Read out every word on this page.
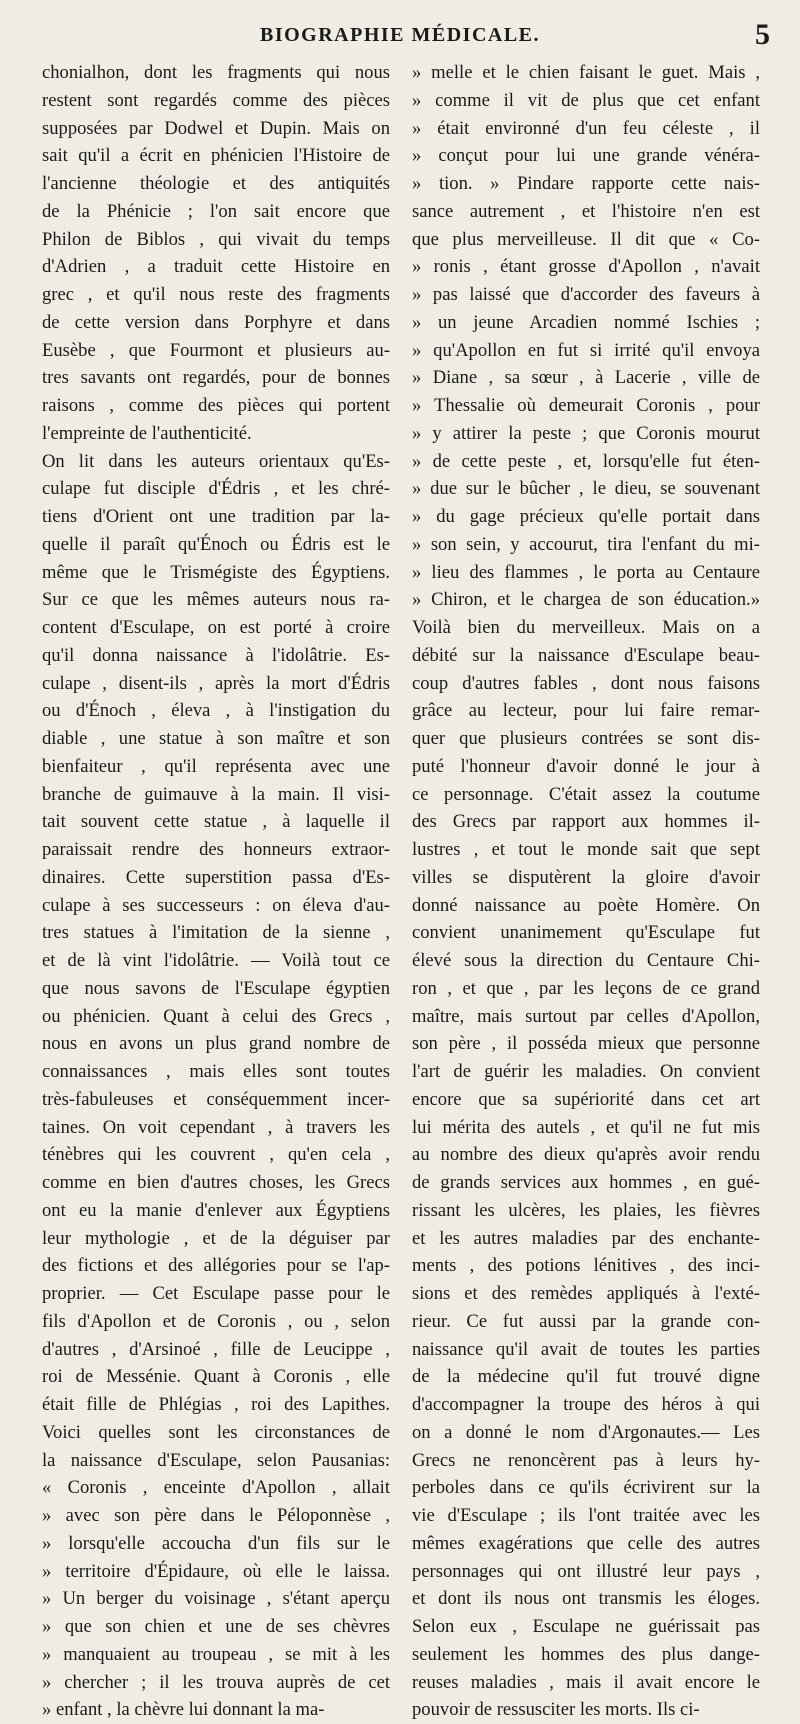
BIOGRAPHIE MÉDICALE.	5
chonialhon, dont les fragments qui nous
restent sont regardés comme des pièces
supposées par Dodwel et Dupin. Mais on
sait qu'il a écrit en phénicien l'Histoire de
l'ancienne théologie et des antiquités
de la Phénicie ; l'on sait encore que
Philon de Biblos , qui vivait du temps
d'Adrien , a traduit cette Histoire en
grec , et qu'il nous reste des fragments
de cette version dans Porphyre et dans
Eusèbe , que Fourmont et plusieurs au-
tres savants ont regardés, pour de bonnes
raisons , comme des pièces qui portent
l'empreinte de l'authenticité.
On lit dans les auteurs orientaux qu'Es-
culape fut disciple d'Édris , et les chré-
tiens d'Orient ont une tradition par la-
quelle il paraît qu'Énoch ou Édris est le
même que le Trismégiste des Égyptiens.
Sur ce que les mêmes auteurs nous ra-
content d'Esculape, on est porté à croire
qu'il donna naissance à l'idolâtrie. Es-
culape , disent-ils , après la mort d'Édris
ou d'Énoch , éleva , à l'instigation du
diable , une statue à son maître et son
bienfaiteur , qu'il représenta avec une
branche de guimauve à la main. Il visi-
tait souvent cette statue , à laquelle il
paraissait rendre des honneurs extraor-
dinaires. Cette superstition passa d'Es-
culape à ses successeurs : on éleva d'au-
tres statues à l'imitation de la sienne ,
et de là vint l'idolâtrie. — Voilà tout ce
que nous savons de l'Esculape égyptien
ou phénicien. Quant à celui des Grecs ,
nous en avons un plus grand nombre de
connaissances , mais elles sont toutes
très-fabuleuses et conséquemment incer-
taines. On voit cependant , à travers les
ténèbres qui les couvrent , qu'en cela ,
comme en bien d'autres choses, les Grecs
ont eu la manie d'enlever aux Égyptiens
leur mythologie , et de la déguiser par
des fictions et des allégories pour se l'ap-
proprier. — Cet Esculape passe pour le
fils d'Apollon et de Coronis , ou , selon
d'autres , d'Arsinoé , fille de Leucippe ,
roi de Messénie. Quant à Coronis , elle
était fille de Phlégias , roi des Lapithes.
Voici quelles sont les circonstances de
la naissance d'Esculape, selon Pausanias:
« Coronis , enceinte d'Apollon , allait
» avec son père dans le Péloponnèse ,
» lorsqu'elle accoucha d'un fils sur le
» territoire d'Épidaure, où elle le laissa.
» Un berger du voisinage , s'étant aperçu
» que son chien et une de ses chèvres
» manquaient au troupeau , se mit à les
» chercher ; il les trouva auprès de cet
» enfant , la chèvre lui donnant la ma-
» melle et le chien faisant le guet. Mais ,
» comme il vit de plus que cet enfant
» était environné d'un feu céleste , il
» conçut pour lui une grande vénéra-
» tion. » Pindare rapporte cette nais-
sance autrement , et l'histoire n'en est
que plus merveilleuse. Il dit que « Co-
» ronis , étant grosse d'Apollon , n'avait
» pas laissé que d'accorder des faveurs à
» un jeune Arcadien nommé Ischies ;
» qu'Apollon en fut si irrité qu'il envoya
» Diane , sa sœur , à Lacerie , ville de
» Thessalie où demeurait Coronis , pour
» y attirer la peste ; que Coronis mourut
» de cette peste , et, lorsqu'elle fut éten-
» due sur le bûcher , le dieu, se souvenant
» du gage précieux qu'elle portait dans
» son sein, y accourut, tira l'enfant du mi-
» lieu des flammes , le porta au Centaure
» Chiron, et le chargea de son éducation.»
Voilà bien du merveilleux. Mais on a
débité sur la naissance d'Esculape beau-
coup d'autres fables , dont nous faisons
grâce au lecteur, pour lui faire remar-
quer que plusieurs contrées se sont dis-
puté l'honneur d'avoir donné le jour à
ce personnage. C'était assez la coutume
des Grecs par rapport aux hommes il-
lustres , et tout le monde sait que sept
villes se disputèrent la gloire d'avoir
donné naissance au poète Homère. On
convient unanimement qu'Esculape fut
élevé sous la direction du Centaure Chi-
ron , et que , par les leçons de ce grand
maître, mais surtout par celles d'Apollon,
son père , il posséda mieux que personne
l'art de guérir les maladies. On convient
encore que sa supériorité dans cet art
lui mérita des autels , et qu'il ne fut mis
au nombre des dieux qu'après avoir rendu
de grands services aux hommes , en gué-
rissant les ulcères, les plaies, les fièvres
et les autres maladies par des enchante-
ments , des potions lénitives , des inci-
sions et des remèdes appliqués à l'exté-
rieur. Ce fut aussi par la grande con-
naissance qu'il avait de toutes les parties
de la médecine qu'il fut trouvé digne
d'accompagner la troupe des héros à qui
on a donné le nom d'Argonautes.— Les
Grecs ne renoncèrent pas à leurs hy-
perboles dans ce qu'ils écrivirent sur la
vie d'Esculape ; ils l'ont traitée avec les
mêmes exagérations que celle des autres
personnages qui ont illustré leur pays ,
et dont ils nous ont transmis les éloges.
Selon eux , Esculape ne guérissait pas
seulement les hommes des plus dange-
reuses maladies , mais il avait encore le
pouvoir de ressusciter les morts. Ils ci-
